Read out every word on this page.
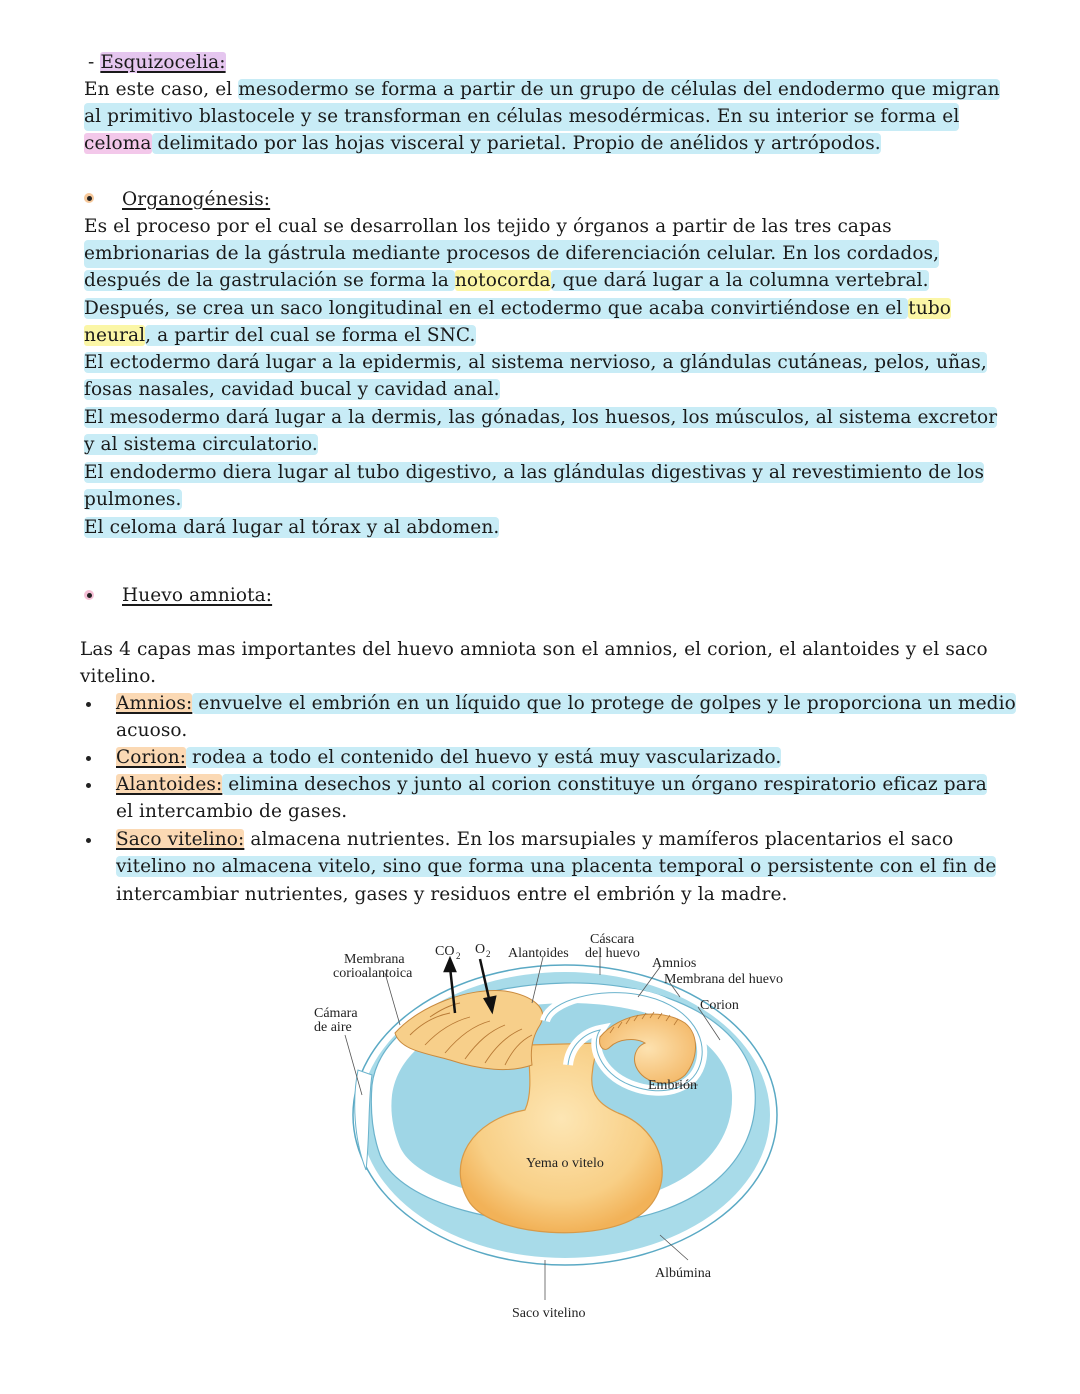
- Esquizocelia:
En este caso, el mesodermo se forma a partir de un grupo de células del endodermo que migran
al primitivo blastocele y se transforman en células mesodérmicas. En su interior se forma el
celoma delimitado por las hojas visceral y parietal. Propio de anélidos y artrópodos.
Organogénesis:
Es el proceso por el cual se desarrollan los tejido y órganos a partir de las tres capas
embrionarias de la gástrula mediante procesos de diferenciación celular. En los cordados,
después de la gastrulación se forma la notocorda, que dará lugar a la columna vertebral.
Después, se crea un saco longitudinal en el ectodermo que acaba convirtiéndose en el tubo
neural, a partir del cual se forma el SNC.
El ectodermo dará lugar a la epidermis, al sistema nervioso, a glándulas cutáneas, pelos, uñas,
fosas nasales, cavidad bucal y cavidad anal.
El mesodermo dará lugar a la dermis, las gónadas, los huesos, los músculos, al sistema excretor
y al sistema circulatorio.
El endodermo diera lugar al tubo digestivo, a las glándulas digestivas y al revestimiento de los
pulmones.
El celoma dará lugar al tórax y al abdomen.
Huevo amniota:
Las 4 capas mas importantes del huevo amniota son el amnios, el corion, el alantoides y el saco
vitelino.
Amnios: envuelve el embrión en un líquido que lo protege de golpes y le proporciona un medio
acuoso.
Corion: rodea a todo el contenido del huevo y está muy vascularizado.
Alantoides: elimina desechos y junto al corion constituye un órgano respiratorio eficaz para
el intercambio de gases.
Saco vitelino: almacena nutrientes. En los marsupiales y mamíferos placentarios el saco
vitelino no almacena vitelo, sino que forma una placenta temporal o persistente con el fin de
intercambiar nutrientes, gases y residuos entre el embrión y la madre.
Membrana
corioalantoica
Cámara
de aire
CO 2 O 2 Alantoides
Cáscara
del huevo
Amnios
Membrana del huevo
Corion
Embrión
Yema o vitelo
Albúmina
Saco vitelino
